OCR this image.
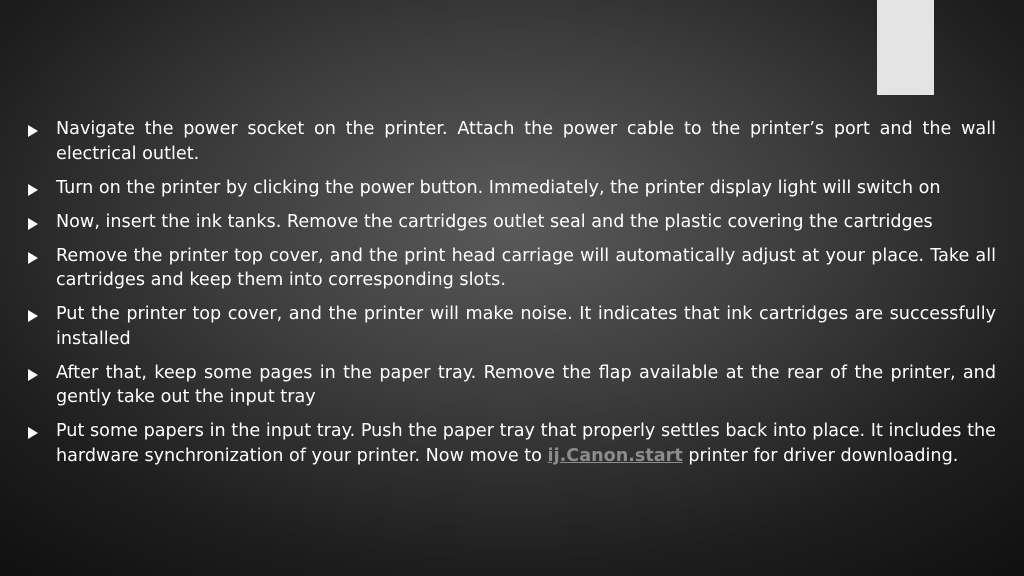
Navigate the power socket on the printer. Attach the power cable to the printer’s port and the wall electrical outlet.
Turn on the printer by clicking the power button. Immediately, the printer display light will switch on
Now, insert the ink tanks. Remove the cartridges outlet seal and the plastic covering the cartridges
Remove the printer top cover, and the print head carriage will automatically adjust at your place. Take all cartridges and keep them into corresponding slots.
Put the printer top cover, and the printer will make noise. It indicates that ink cartridges are successfully installed
After that, keep some pages in the paper tray. Remove the flap available at the rear of the printer, and gently take out the input tray
Put some papers in the input tray. Push the paper tray that properly settles back into place. It includes the hardware synchronization of your printer. Now move to ij.Canon.start printer for driver downloading.
